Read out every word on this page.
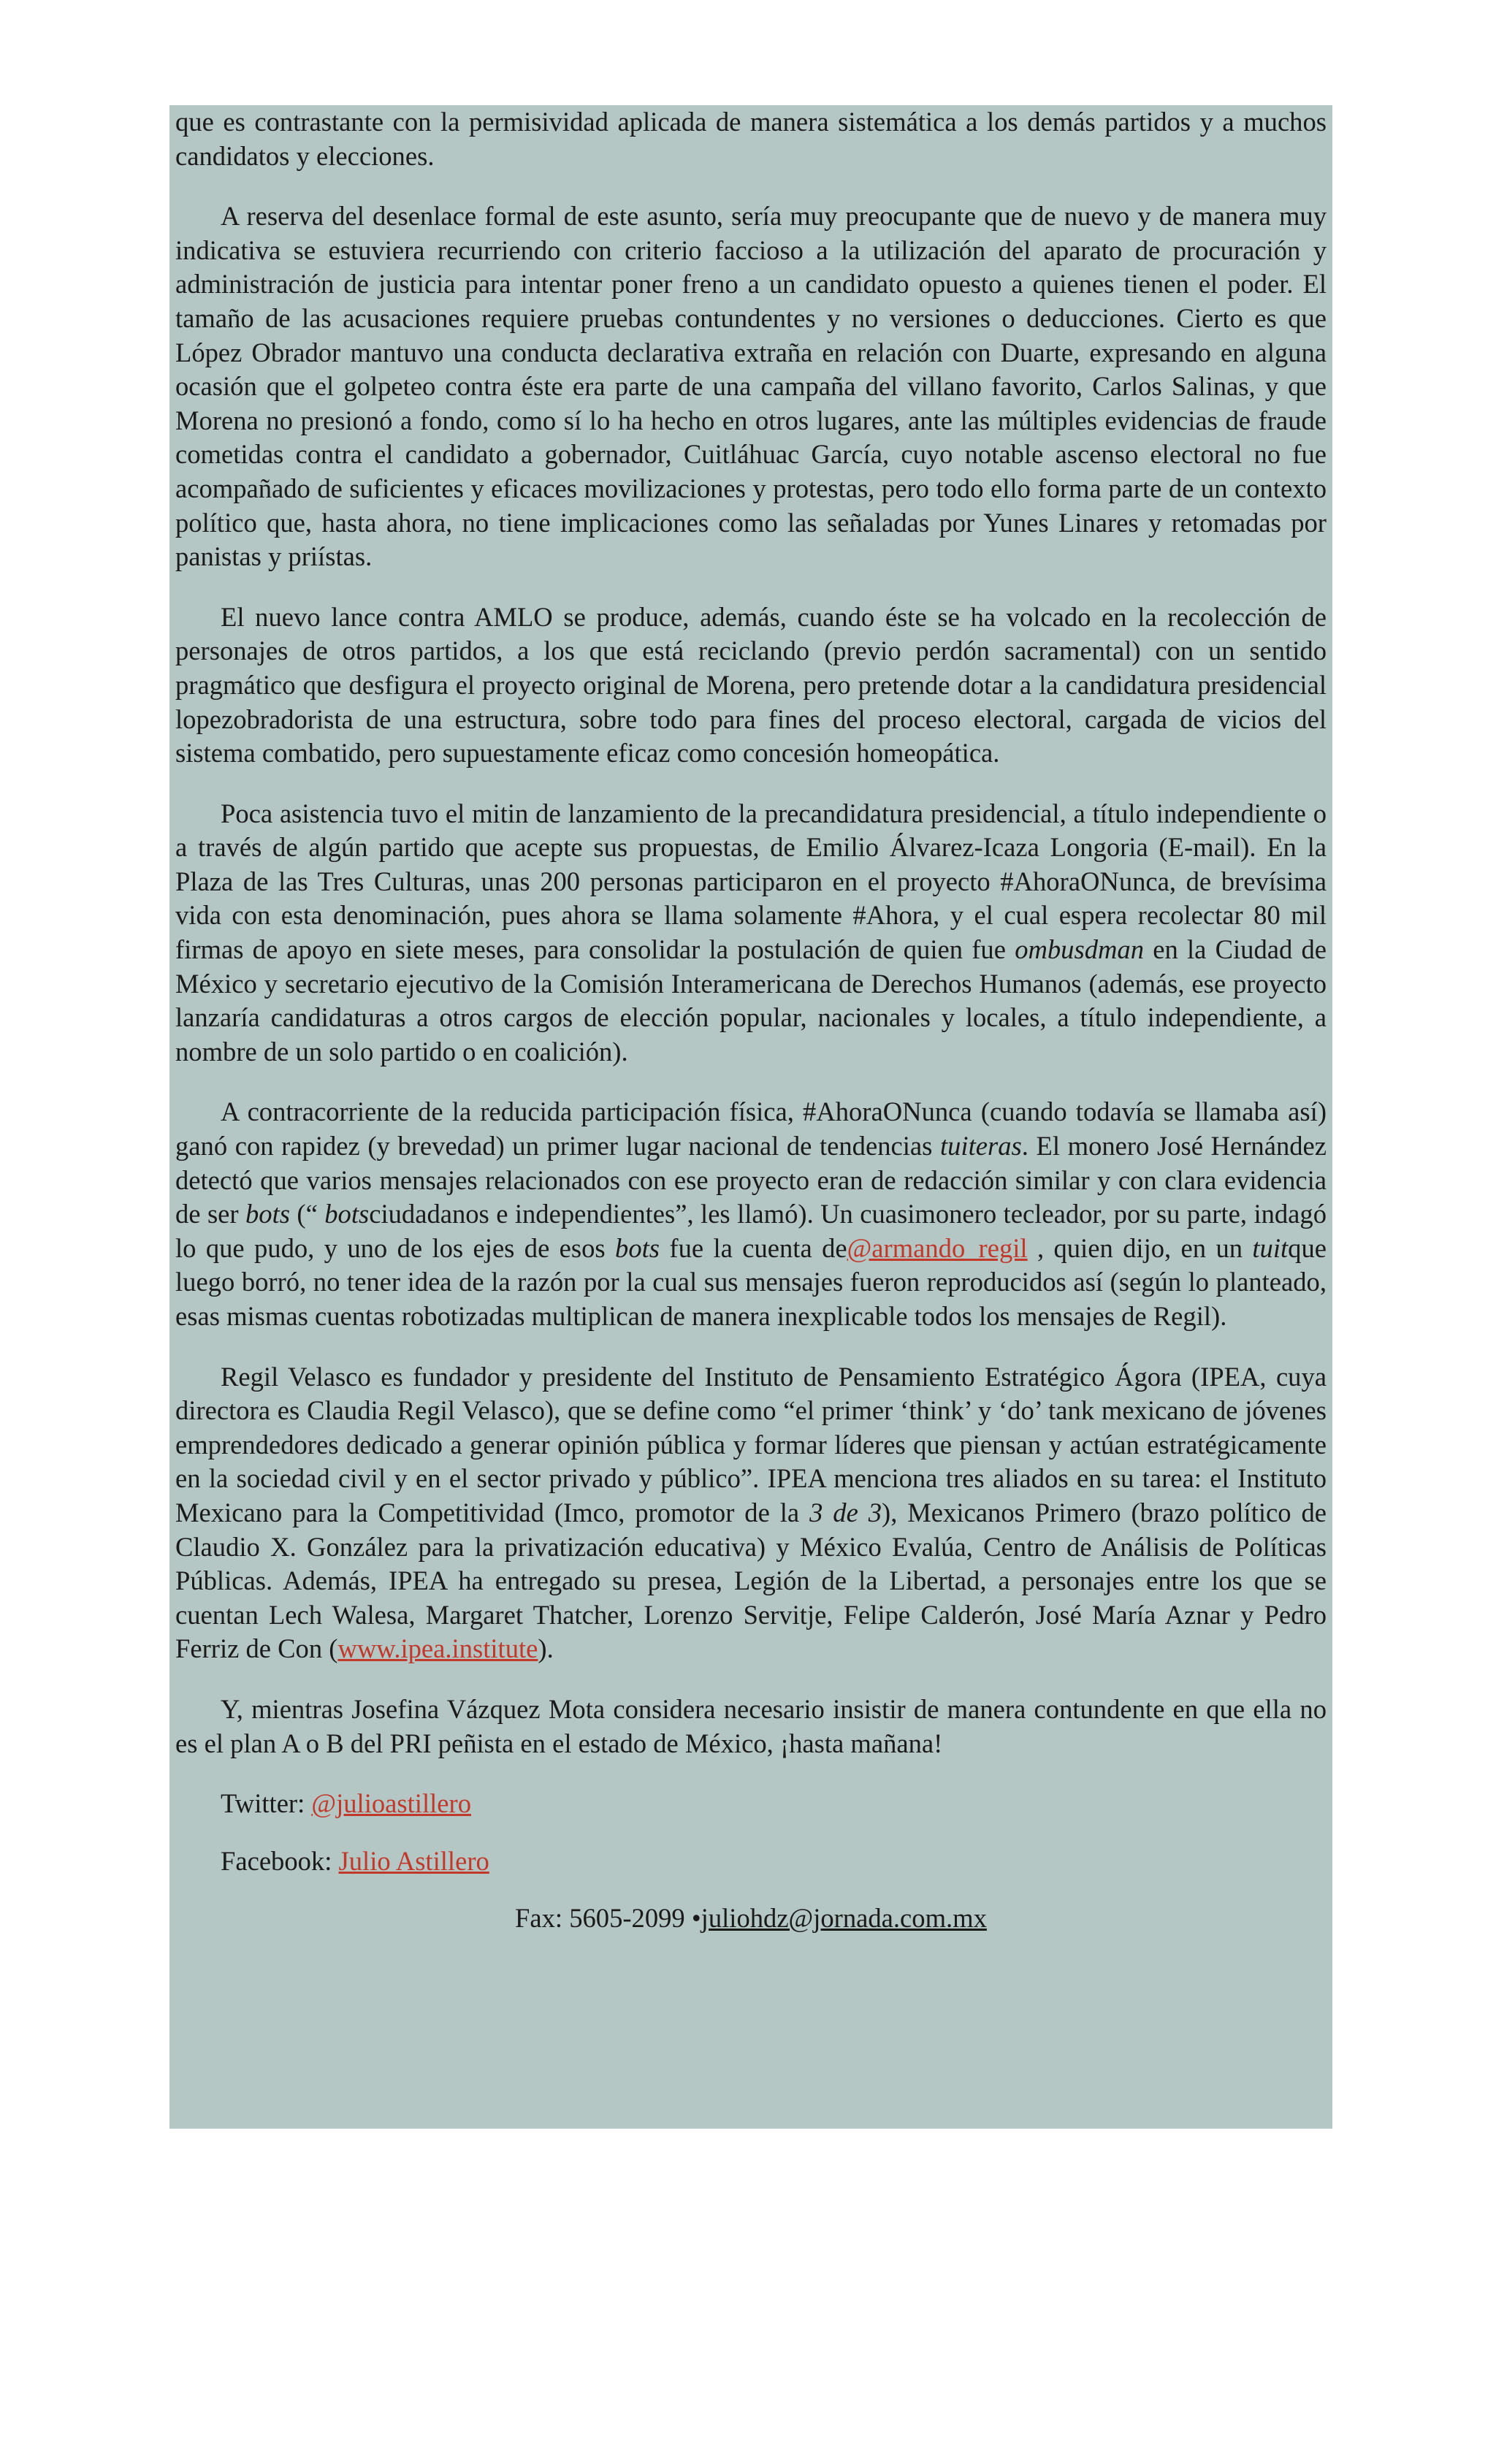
que es contrastante con la permisividad aplicada de manera sistemática a los demás partidos y a muchos candidatos y elecciones.

A reserva del desenlace formal de este asunto, sería muy preocupante que de nuevo y de manera muy indicativa se estuviera recurriendo con criterio faccioso a la utilización del aparato de procuración y administración de justicia para intentar poner freno a un candidato opuesto a quienes tienen el poder. El tamaño de las acusaciones requiere pruebas contundentes y no versiones o deducciones. Cierto es que López Obrador mantuvo una conducta declarativa extraña en relación con Duarte, expresando en alguna ocasión que el golpeteo contra éste era parte de una campaña del villano favorito, Carlos Salinas, y que Morena no presionó a fondo, como sí lo ha hecho en otros lugares, ante las múltiples evidencias de fraude cometidas contra el candidato a gobernador, Cuitláhuac García, cuyo notable ascenso electoral no fue acompañado de suficientes y eficaces movilizaciones y protestas, pero todo ello forma parte de un contexto político que, hasta ahora, no tiene implicaciones como las señaladas por Yunes Linares y retomadas por panistas y priístas.

El nuevo lance contra AMLO se produce, además, cuando éste se ha volcado en la recolección de personajes de otros partidos, a los que está reciclando (previo perdón sacramental) con un sentido pragmático que desfigura el proyecto original de Morena, pero pretende dotar a la candidatura presidencial lopezobradorista de una estructura, sobre todo para fines del proceso electoral, cargada de vicios del sistema combatido, pero supuestamente eficaz como concesión homeopática.

Poca asistencia tuvo el mitin de lanzamiento de la precandidatura presidencial, a título independiente o a través de algún partido que acepte sus propuestas, de Emilio Álvarez-Icaza Longoria (E-mail). En la Plaza de las Tres Culturas, unas 200 personas participaron en el proyecto #AhoraONunca, de brevísima vida con esta denominación, pues ahora se llama solamente #Ahora, y el cual espera recolectar 80 mil firmas de apoyo en siete meses, para consolidar la postulación de quien fue ombusdman en la Ciudad de México y secretario ejecutivo de la Comisión Interamericana de Derechos Humanos (además, ese proyecto lanzaría candidaturas a otros cargos de elección popular, nacionales y locales, a título independiente, a nombre de un solo partido o en coalición).

A contracorriente de la reducida participación física, #AhoraONunca (cuando todavía se llamaba así) ganó con rapidez (y brevedad) un primer lugar nacional de tendencias tuiteras. El monero José Hernández detectó que varios mensajes relacionados con ese proyecto eran de redacción similar y con clara evidencia de ser bots (“ botsciudadanos e independientes”, les llamó). Un cuasimonero tecleador, por su parte, indagó lo que pudo, y uno de los ejes de esos bots fue la cuenta de@armando_regil , quien dijo, en un tuitque luego borró, no tener idea de la razón por la cual sus mensajes fueron reproducidos así (según lo planteado, esas mismas cuentas robotizadas multiplican de manera inexplicable todos los mensajes de Regil).

Regil Velasco es fundador y presidente del Instituto de Pensamiento Estratégico Ágora (IPEA, cuya directora es Claudia Regil Velasco), que se define como “el primer ‘think’ y ‘do’ tank mexicano de jóvenes emprendedores dedicado a generar opinión pública y formar líderes que piensan y actúan estratégicamente en la sociedad civil y en el sector privado y público”. IPEA menciona tres aliados en su tarea: el Instituto Mexicano para la Competitividad (Imco, promotor de la 3 de 3), Mexicanos Primero (brazo político de Claudio X. González para la privatización educativa) y México Evalúa, Centro de Análisis de Políticas Públicas. Además, IPEA ha entregado su presea, Legión de la Libertad, a personajes entre los que se cuentan Lech Walesa, Margaret Thatcher, Lorenzo Servitje, Felipe Calderón, José María Aznar y Pedro Ferriz de Con (www.ipea.institute).

Y, mientras Josefina Vázquez Mota considera necesario insistir de manera contundente en que ella no es el plan A o B del PRI peñista en el estado de México, ¡hasta mañana!

Twitter: @julioastillero

Facebook: Julio Astillero

Fax: 5605-2099 •juliohdz@jornada.com.mx
